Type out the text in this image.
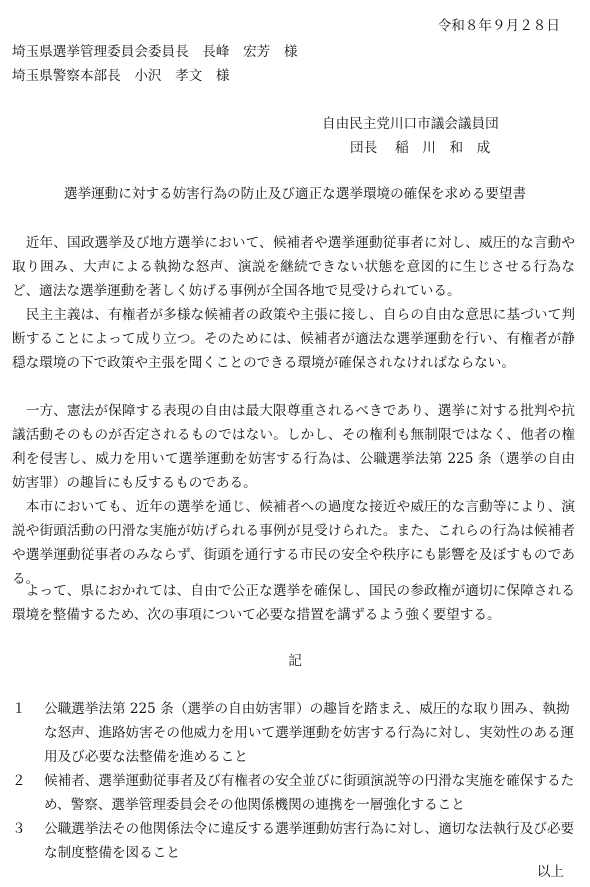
令和８年９月２８日
埼玉県選挙管理委員会委員長　長峰　宏芳　様
埼玉県警察本部長　小沢　孝文　様
自由民主党川口市議会議員団
団長　 稲　川　和　成
選挙運動に対する妨害行為の防止及び適正な選挙環境の確保を求める要望書
　近年、国政選挙及び地方選挙において、候補者や選挙運動従事者に対し、威圧的な言動や取り囲み、大声による執拗な怒声、演説を継続できない状態を意図的に生じさせる行為など、適法な選挙運動を著しく妨げる事例が全国各地で見受けられている。
　民主主義は、有権者が多様な候補者の政策や主張に接し、自らの自由な意思に基づいて判断することによって成り立つ。そのためには、候補者が適法な選挙運動を行い、有権者が静穏な環境の下で政策や主張を聞くことのできる環境が確保されなければならない。
　一方、憲法が保障する表現の自由は最大限尊重されるべきであり、選挙に対する批判や抗議活動そのものが否定されるものではない。しかし、その権利も無制限ではなく、他者の権利を侵害し、威力を用いて選挙運動を妨害する行為は、公職選挙法第 225 条（選挙の自由妨害罪）の趣旨にも反するものである。
　本市においても、近年の選挙を通じ、候補者への過度な接近や威圧的な言動等により、演説や街頭活動の円滑な実施が妨げられる事例が見受けられた。また、これらの行為は候補者や選挙運動従事者のみならず、街頭を通行する市民の安全や秩序にも影響を及ぼすものである。
　よって、県におかれては、自由で公正な選挙を確保し、国民の参政権が適切に保障される環境を整備するため、次の事項について必要な措置を講ずるよう強く要望する。
記
１	公職選挙法第 225 条（選挙の自由妨害罪）の趣旨を踏まえ、威圧的な取り囲み、執拗な怒声、進路妨害その他威力を用いて選挙運動を妨害する行為に対し、実効性のある運用及び必要な法整備を進めること
２	候補者、選挙運動従事者及び有権者の安全並びに街頭演説等の円滑な実施を確保するため、警察、選挙管理委員会その他関係機関の連携を一層強化すること
３	公職選挙法その他関係法令に違反する選挙運動妨害行為に対し、適切な法執行及び必要な制度整備を図ること
以上
